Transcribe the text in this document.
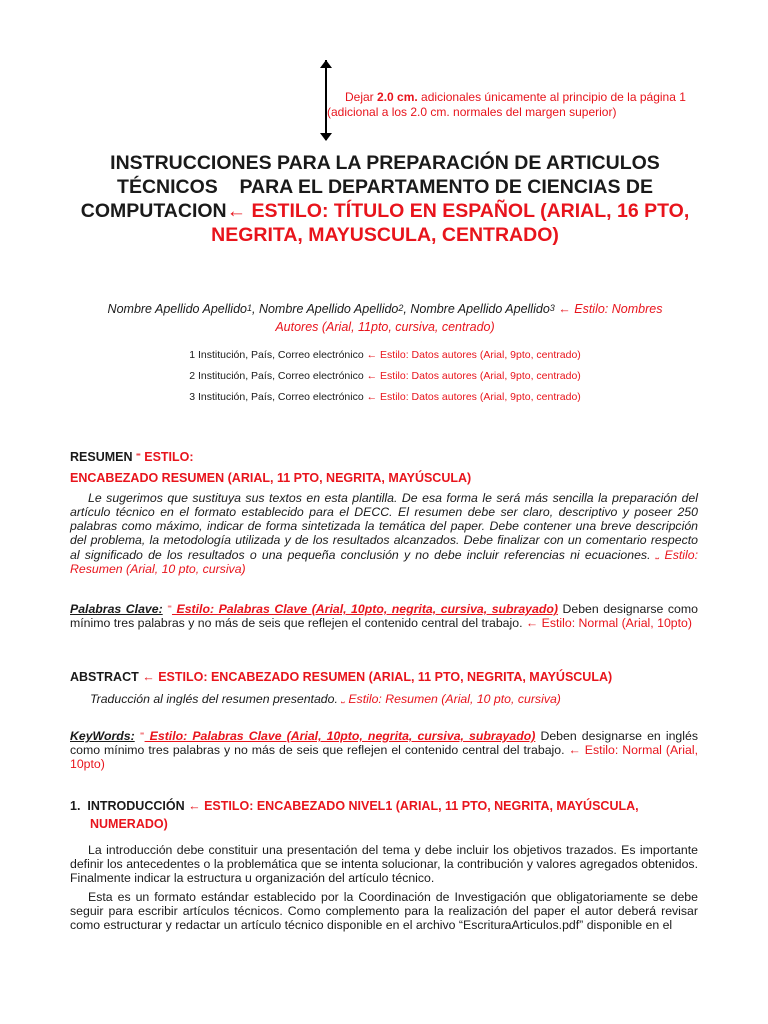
Dejar 2.0 cm. adicionales únicamente al principio de la página 1
(adicional a los 2.0 cm. normales del margen superior)
INSTRUCCIONES PARA LA PREPARACIÓN DE ARTICULOS
TÉCNICOS    PARA EL DEPARTAMENTO DE CIENCIAS DE
COMPUTACION← ESTILO: TÍTULO EN ESPAÑOL (ARIAL, 16 PTO,
NEGRITA, MAYUSCULA, CENTRADO)
Nombre Apellido Apellido$^1$, Nombre Apellido Apellido$^2$, Nombre Apellido Apellido$^3$ ← Estilo: Nombres
Autores (Arial, 11pto, cursiva, centrado)
1 Institución, País, Correo electrónico ← Estilo: Datos autores (Arial, 9pto, centrado)
2 Institución, País, Correo electrónico ← Estilo: Datos autores (Arial, 9pto, centrado)
3 Institución, País, Correo electrónico ← Estilo: Datos autores (Arial, 9pto, centrado)
RESUMEN ⁼ ESTILO:
ENCABEZADO RESUMEN (ARIAL, 11 PTO, NEGRITA, MAYÚSCULA)
Le sugerimos que sustituya sus textos en esta plantilla. De esa forma le será más sencilla la preparación del artículo técnico en el formato establecido para el DECC. El resumen debe ser claro, descriptivo y poseer 250 palabras como máximo, indicar de forma sintetizada la temática del paper. Debe contener una breve descripción del problema, la metodología utilizada y de los resultados alcanzados. Debe finalizar con un comentario respecto al significado de los resultados o una pequeña conclusión y no debe incluir referencias ni ecuaciones. ⎵ Estilo: Resumen (Arial, 10 pto, cursiva)
Palabras Clave: ⁼ Estilo: Palabras Clave (Arial, 10pto, negrita, cursiva, subrayado) Deben designarse como mínimo tres palabras y no más de seis que reflejen el contenido central del trabajo. ← Estilo: Normal (Arial, 10pto)
ABSTRACT ← ESTILO: ENCABEZADO RESUMEN (ARIAL, 11 PTO, NEGRITA, MAYÚSCULA)
Traducción al inglés del resumen presentado. ⎵ Estilo: Resumen (Arial, 10 pto, cursiva)
KeyWords: ⁼ Estilo: Palabras Clave (Arial, 10pto, negrita, cursiva, subrayado) Deben designarse en inglés como mínimo tres palabras y no más de seis que reflejen el contenido central del trabajo. ← Estilo: Normal (Arial, 10pto)
1. INTRODUCCIÓN ← ESTILO: ENCABEZADO NIVEL1 (ARIAL, 11 PTO, NEGRITA, MAYÚSCULA,
NUMERADO)
La introducción debe constituir una presentación del tema y debe incluir los objetivos trazados. Es importante definir los antecedentes o la problemática que se intenta solucionar, la contribución y valores agregados obtenidos. Finalmente indicar la estructura u organización del artículo técnico.
Esta es un formato estándar establecido por la Coordinación de Investigación que obligatoriamente se debe seguir para escribir artículos técnicos. Como complemento para la realización del paper el autor deberá revisar como estructurar y redactar un artículo técnico disponible en el archivo “EscrituraArticulos.pdf” disponible en el
